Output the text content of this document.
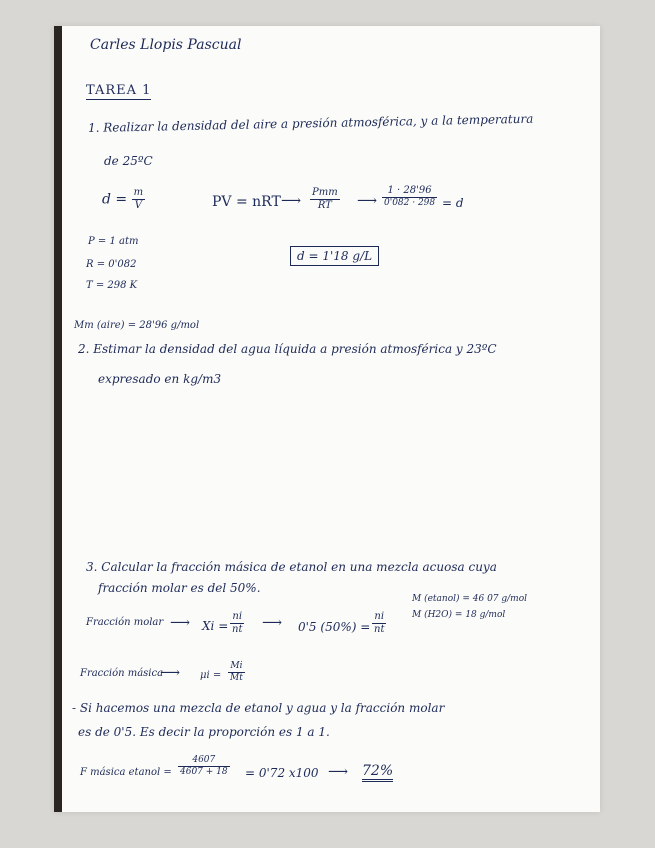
Carles Llopis Pascual
TAREA 1
1. Realizar la densidad del aire a presión atmosférica, y a la temperatura
de 25ºC
$d = \frac{m}{V}$	PV = nRT ⟶ $\frac{\text{Pmm}}{RT}$ ⟶ $\frac{1 \cdot 28'96}{0'082 \cdot 298} = d$
d = 1'18 g/L
P = 1 atm
R = 0'082
T = 298 K
Mm (aire) = 28'96 g/mol
2. Estimar la densidad del agua líquida a presión atmosférica y 23ºC
expresado en kg/m3
3. Calcular la fracción másica de etanol en una mezcla acuosa cuya
fracción molar es del 50%.
M (etanol) = 46 07 g/mol
M (H2O) = 18 g/mol
Fracción molar ⟶ $Xi = \frac{ni}{nt}$ ⟶ 0'5 $(50\%) = \frac{ni}{nt}$
Fracción másica
⟶ $\mu i = \frac{Mi}{Mt}$
- Si hacemos una mezcla de etanol y agua y la fracción molar
es de 0'5. Es decir la proporción es 1 a 1.
F másica etanol = $\frac{4607}{4607 + 18} = 0'72$ x100 ⟶ 72%
